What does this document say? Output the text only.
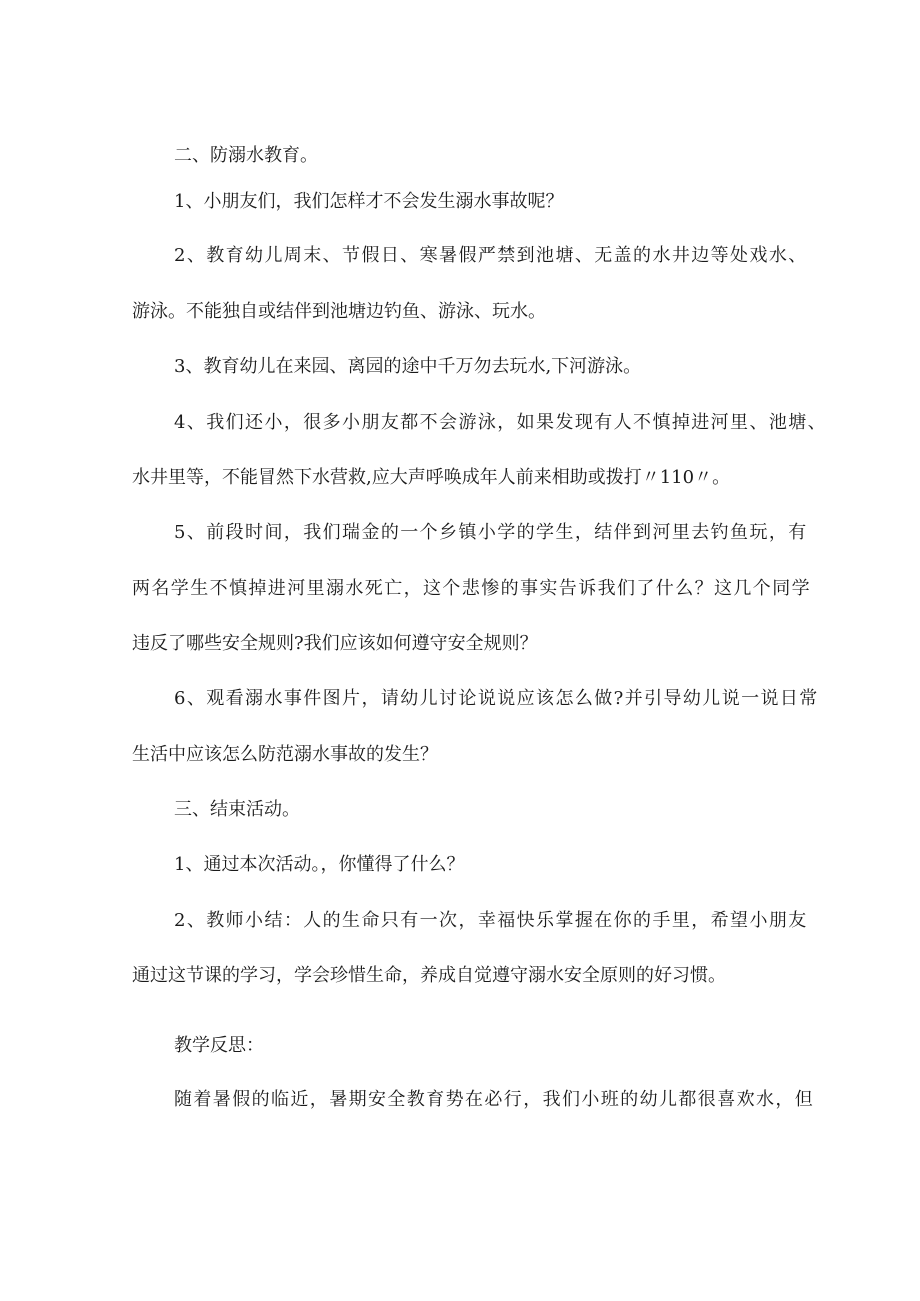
二、防溺水教育。
1、小朋友们，我们怎样才不会发生溺水事故呢？
2、教育幼儿周末、节假日、寒暑假严禁到池塘、无盖的水井边等处戏水、
游泳。不能独自或结伴到池塘边钓鱼、游泳、玩水。
3、教育幼儿在来园、离园的途中千万勿去玩水,下河游泳。
4、我们还小，很多小朋友都不会游泳，如果发现有人不慎掉进河里、池塘、
水井里等，不能冒然下水营救,应大声呼唤成年人前来相助或拨打〃110〃。
5、前段时间，我们瑞金的一个乡镇小学的学生，结伴到河里去钓鱼玩，有
两名学生不慎掉进河里溺水死亡，这个悲惨的事实告诉我们了什么？这几个同学
违反了哪些安全规则?我们应该如何遵守安全规则？
6、观看溺水事件图片，请幼儿讨论说说应该怎么做?并引导幼儿说一说日常
生活中应该怎么防范溺水事故的发生？
三、结束活动。
1、通过本次活动。，你懂得了什么？
2、教师小结：人的生命只有一次，幸福快乐掌握在你的手里，希望小朋友
通过这节课的学习，学会珍惜生命，养成自觉遵守溺水安全原则的好习惯。
教学反思：
随着暑假的临近，暑期安全教育势在必行，我们小班的幼儿都很喜欢水，但
